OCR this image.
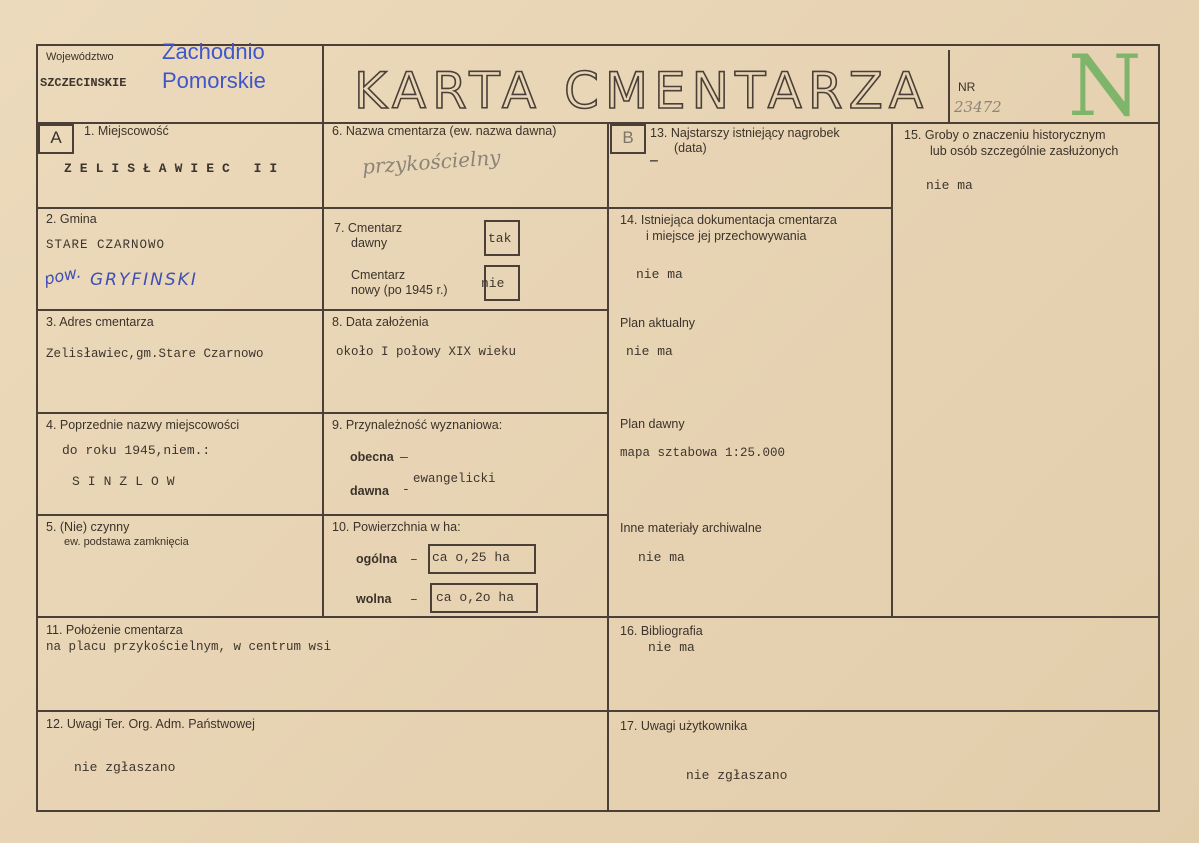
Województwo
SZCZECINSKIE
Zachodnio
Pomorskie KARTA CMENTARZA NR
23472 N
A	1. Miejscowość
ZELISŁAWIEC II
2. Gmina
STARE CZARNOWO
pow. GRYFINSKI
3. Adres cmentarza
Zelisławiec,gm.Stare Czarnowo
4. Poprzednie nazwy miejscowości
do roku 1945,niem.:
SINZLOW
5. (Nie) czynny
ew. podstawa zamknięcia
6. Nazwa cmentarza (ew. nazwa dawna)
przykościelny
7. Cmentarz
dawny	tak
Cmentarz
nowy (po 1945 r.)	nie
8. Data założenia
około I połowy XIX wieku
9. Przynależność wyznaniowa:
obecna —
dawna -
ewangelicki
10. Powierzchnia w ha:
ogólna – ca o,25 ha
wolna – ca o,2o ha
B	13. Najstarszy istniejący nagrobek
(data)
—
14. Istniejąca dokumentacja cmentarza
i miejsce jej przechowywania
nie ma
Plan aktualny
nie ma
Plan dawny
mapa sztabowa 1:25.000
Inne materiały archiwalne
nie ma
15. Groby o znaczeniu historycznym
lub osób szczególnie zasłużonych
nie ma
11. Położenie cmentarza
na placu przykościelnym, w centrum wsi
16. Bibliografia
nie ma
12. Uwagi Ter. Org. Adm. Państwowej
nie zgłaszano
17. Uwagi użytkownika
nie zgłaszano
